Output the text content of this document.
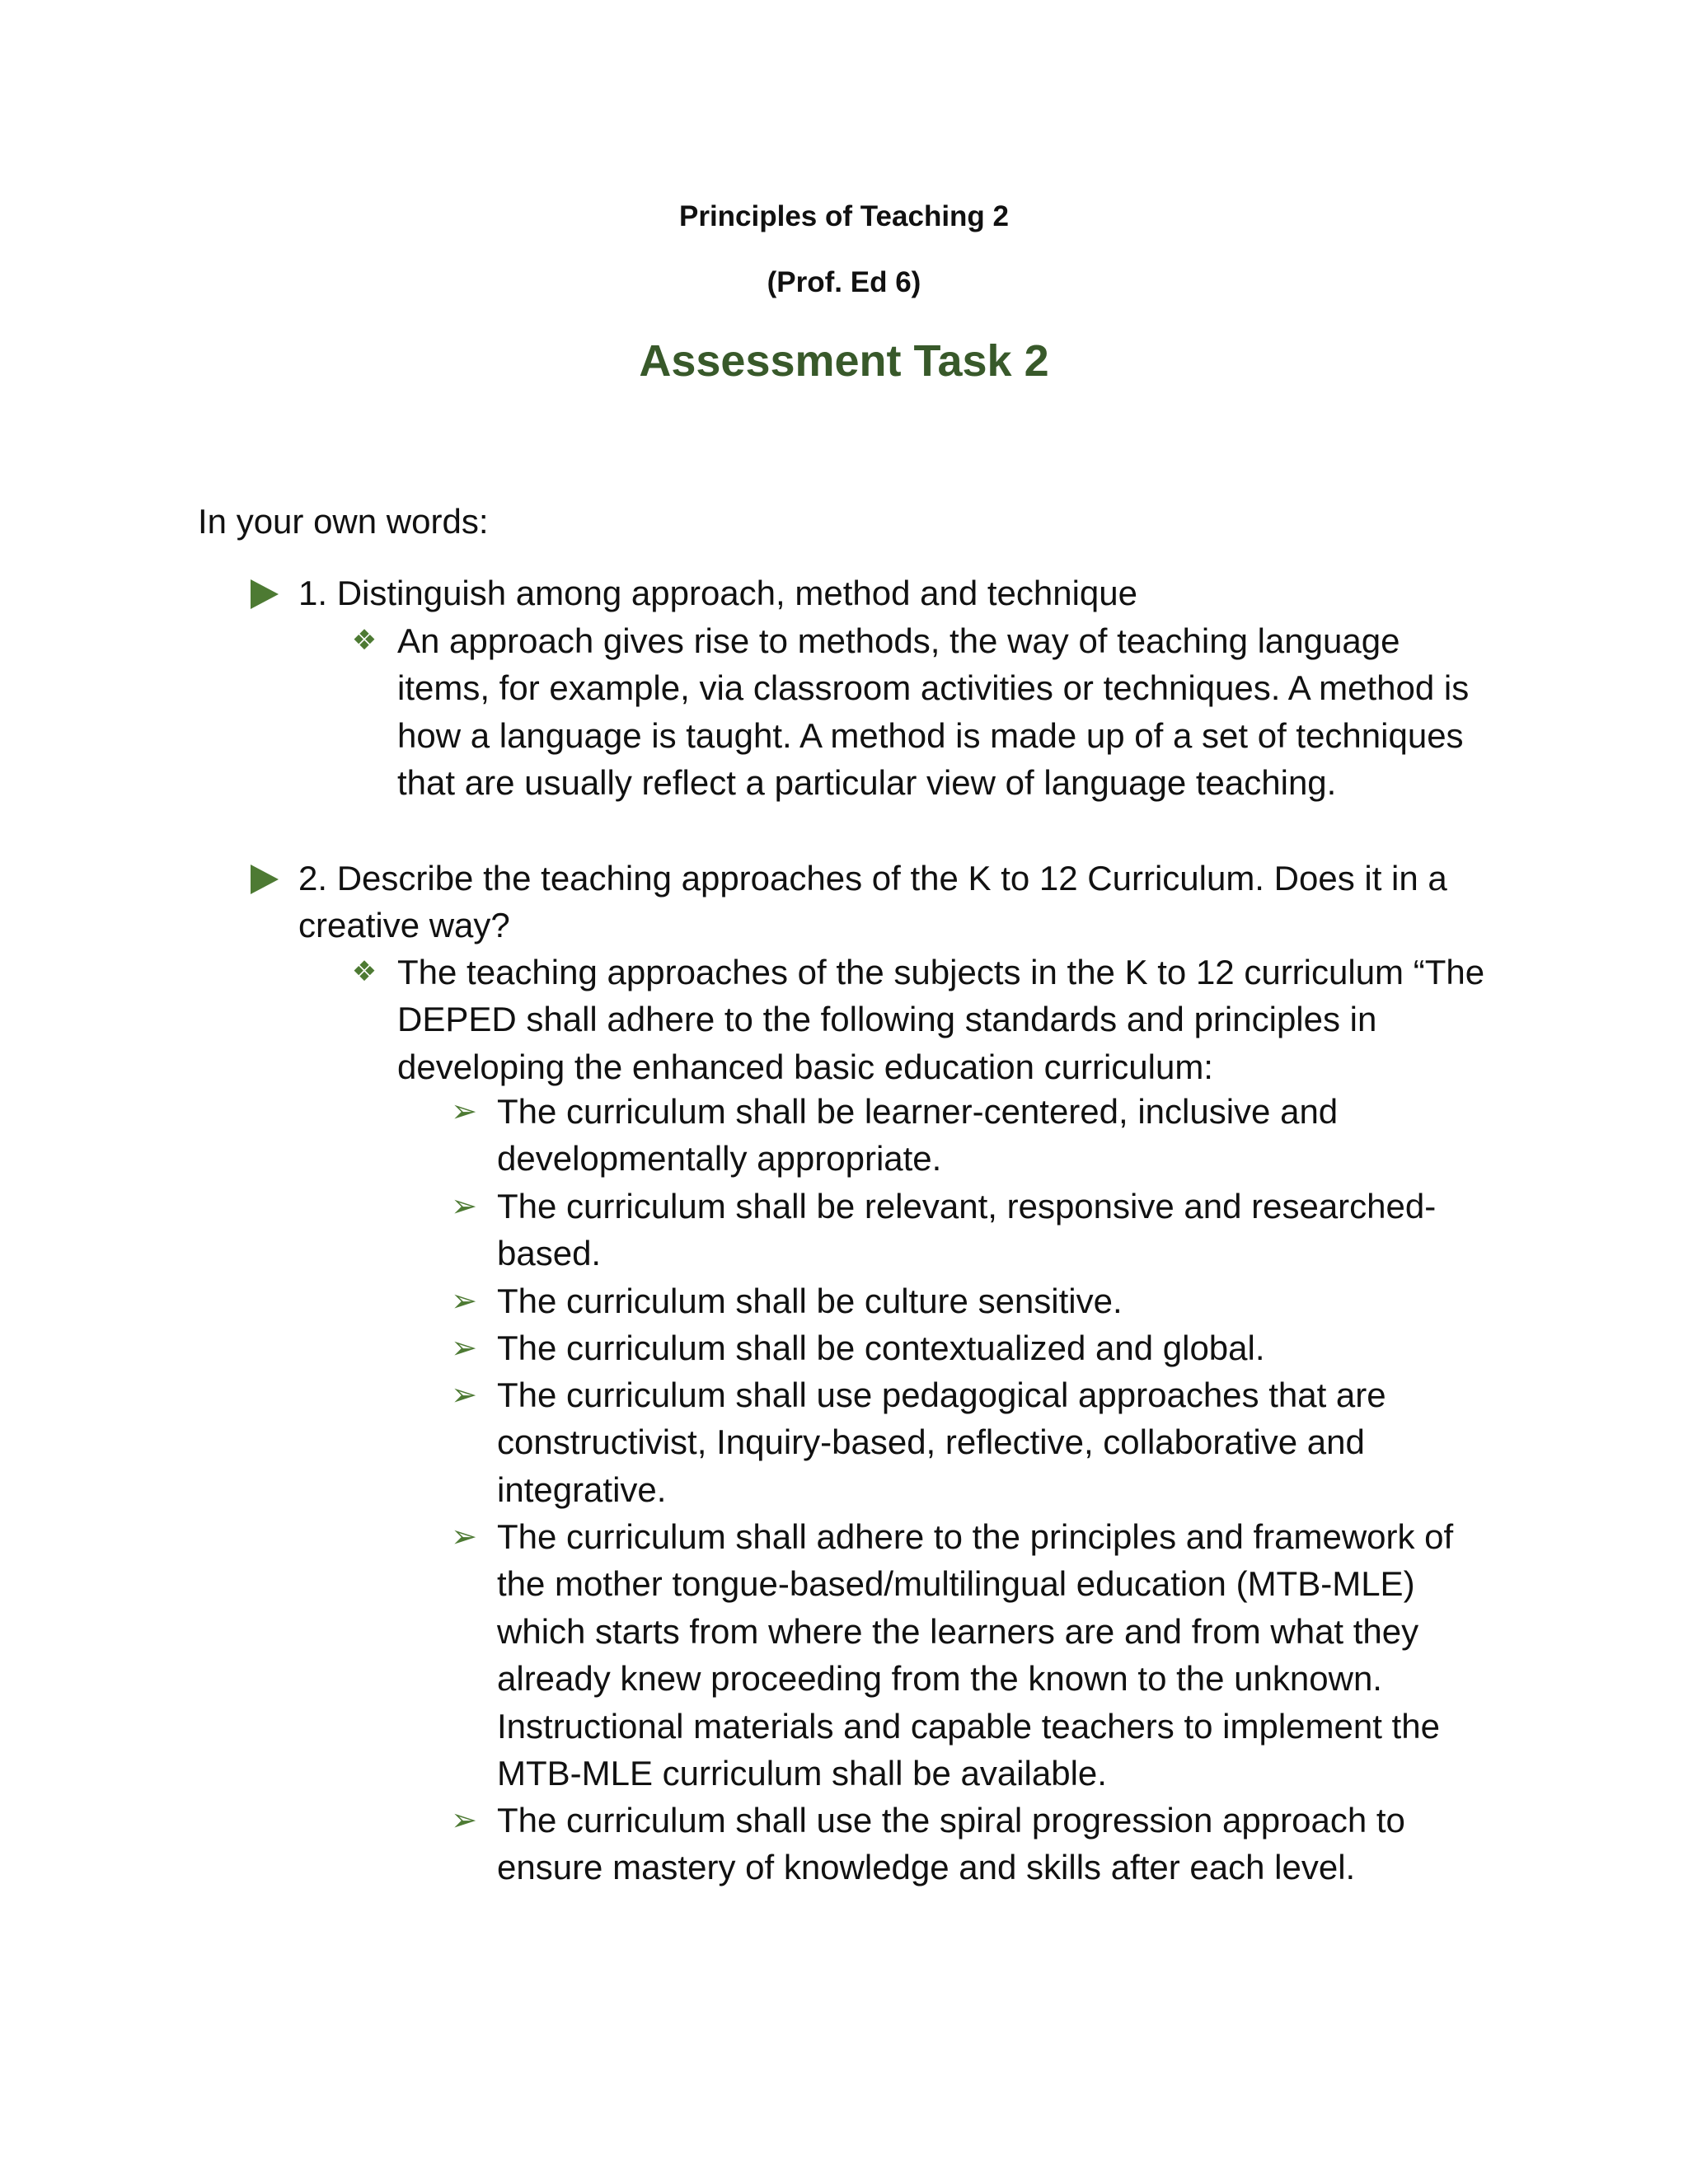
Principles of Teaching 2
(Prof. Ed 6)
Assessment Task 2
In your own words:
1. Distinguish among approach, method and technique
❖ An approach gives rise to methods, the way of teaching language items, for example, via classroom activities or techniques. A method is how a language is taught. A method is made up of a set of techniques that are usually reflect a particular view of language teaching.
2. Describe the teaching approaches of the K to 12 Curriculum. Does it in a creative way?
❖ The teaching approaches of the subjects in the K to 12 curriculum “The DEPED shall adhere to the following standards and principles in developing the enhanced basic education curriculum:
➢ The curriculum shall be learner-centered, inclusive and developmentally appropriate.
➢ The curriculum shall be relevant, responsive and researched-based.
➢ The curriculum shall be culture sensitive.
➢ The curriculum shall be contextualized and global.
➢ The curriculum shall use pedagogical approaches that are constructivist, Inquiry-based, reflective, collaborative and integrative.
➢ The curriculum shall adhere to the principles and framework of the mother tongue-based/multilingual education (MTB-MLE) which starts from where the learners are and from what they already knew proceeding from the known to the unknown. Instructional materials and capable teachers to implement the MTB-MLE curriculum shall be available.
➢ The curriculum shall use the spiral progression approach to ensure mastery of knowledge and skills after each level.
